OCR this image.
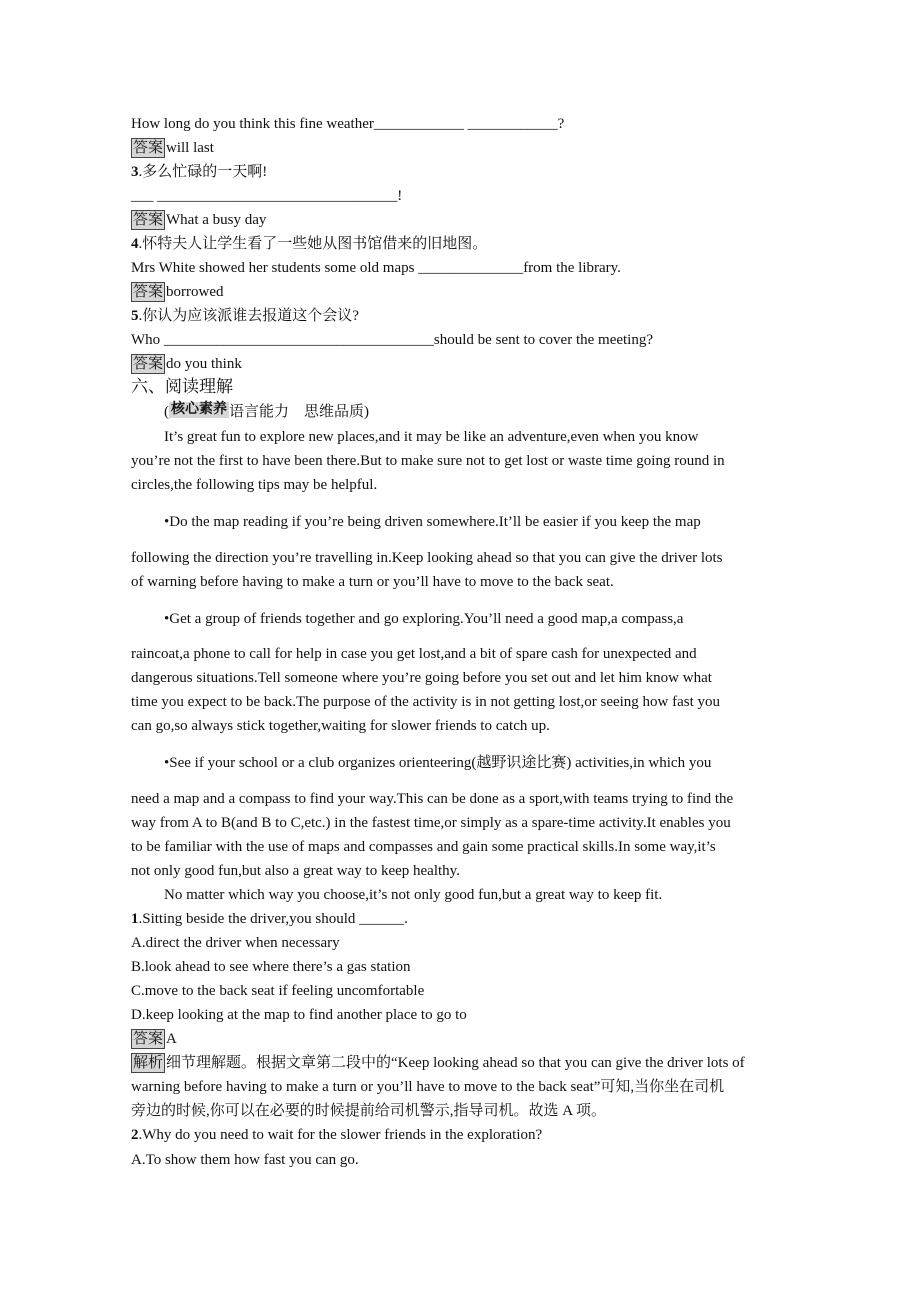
How long do you think this fine weather____________ ____________?
答案 will last
3.多么忙碌的一天啊!
___ ________________________________!
答案 What a busy day
4.怀特夫人让学生看了一些她从图书馆借来的旧地图。
Mrs White showed her students some old maps ______________from the library.
答案 borrowed
5.你认为应该派谁去报道这个会议?
Who ____________________________________should be sent to cover the meeting?
答案 do you think
六、阅读理解
( 核心素养 语言能力　思维品质)
It’s great fun to explore new places,and it may be like an adventure,even when you know
you’re not the first to have been there.But to make sure not to get lost or waste time going round in
circles,the following tips may be helpful.
•Do the map reading if you’re being driven somewhere.It’ll be easier if you keep the map
following the direction you’re travelling in.Keep looking ahead so that you can give the driver lots
of warning before having to make a turn or you’ll have to move to the back seat.
•Get a group of friends together and go exploring.You’ll need a good map,a compass,a
raincoat,a phone to call for help in case you get lost,and a bit of spare cash for unexpected and
dangerous situations.Tell someone where you’re going before you set out and let him know what
time you expect to be back.The purpose of the activity is in not getting lost,or seeing how fast you
can go,so always stick together,waiting for slower friends to catch up.
•See if your school or a club organizes orienteering(越野识途比赛) activities,in which you
need a map and a compass to find your way.This can be done as a sport,with teams trying to find the
way from A to B(and B to C,etc.) in the fastest time,or simply as a spare-time activity.It enables you
to be familiar with the use of maps and compasses and gain some practical skills.In some way,it’s
not only good fun,but also a great way to keep healthy.
No matter which way you choose,it’s not only good fun,but a great way to keep fit.
1.Sitting beside the driver,you should ______.
A.direct the driver when necessary
B.look ahead to see where there’s a gas station
C.move to the back seat if feeling uncomfortable
D.keep looking at the map to find another place to go to
答案 A
解析 细节理解题。根据文章第二段中的“Keep looking ahead so that you can give the driver lots of
warning before having to make a turn or you’ll have to move to the back seat”可知,当你坐在司机
旁边的时候,你可以在必要的时候提前给司机警示,指导司机。故选 A 项。
2.Why do you need to wait for the slower friends in the exploration?
A.To show them how fast you can go.
